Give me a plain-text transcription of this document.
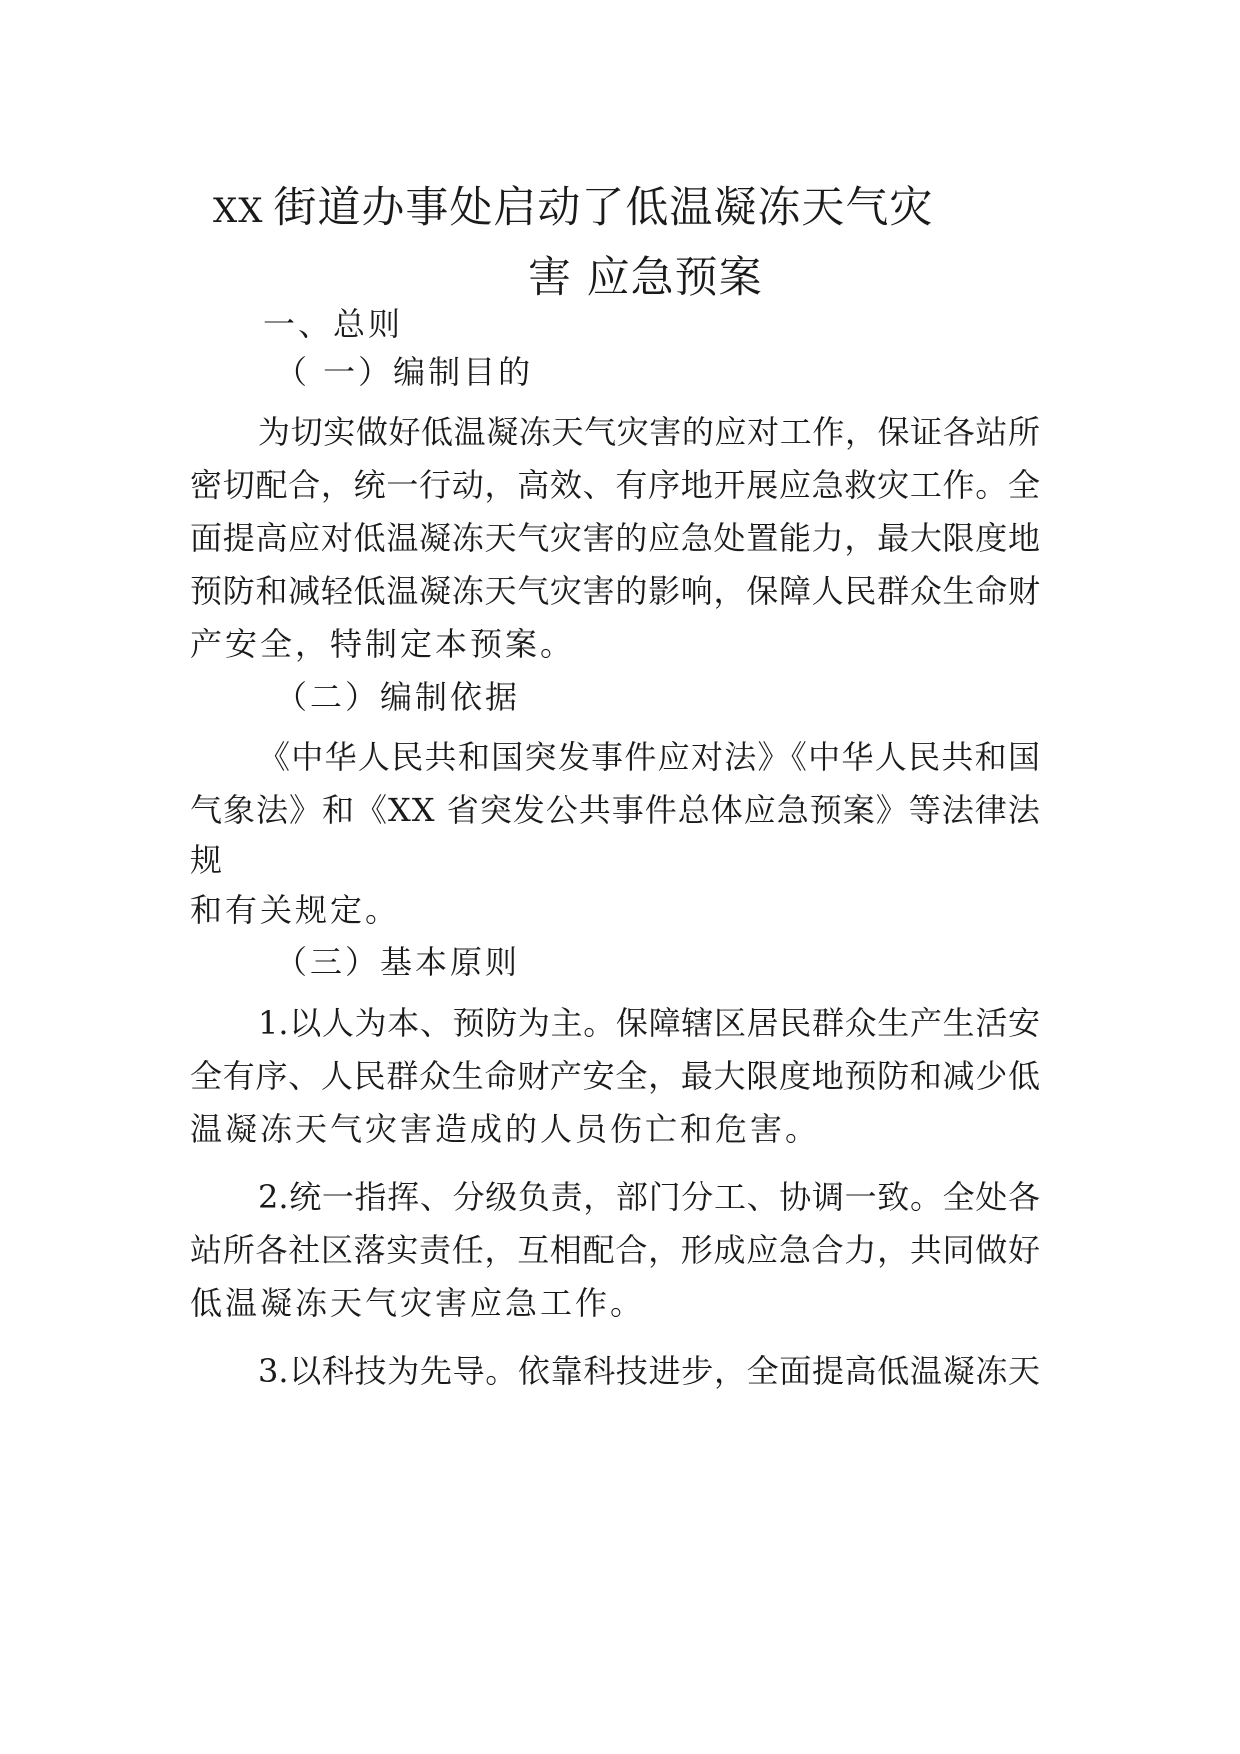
XX 街道办事处启动了低温凝冻天气灾
害 应急预案

一、总则

（ 一）编制目的

为切实做好低温凝冻天气灾害的应对工作，保证各站所

密切配合，统一行动，高效、有序地开展应急救灾工作。全

面提高应对低温凝冻天气灾害的应急处置能力，最大限度地

预防和减轻低温凝冻天气灾害的影响，保障人民群众生命财

产安全，特制定本预案。

（二）编制依据

《中华人民共和国突发事件应对法》《中华人民共和国

气象法》和《XX 省突发公共事件总体应急预案》等法律法

规

和有关规定。

（三）基本原则

1.以人为本、预防为主。保障辖区居民群众生产生活安

全有序、人民群众生命财产安全，最大限度地预防和减少低

温凝冻天气灾害造成的人员伤亡和危害。

2.统一指挥、分级负责，部门分工、协调一致。全处各

站所各社区落实责任，互相配合，形成应急合力，共同做好

低温凝冻天气灾害应急工作。

3.以科技为先导。依靠科技进步，全面提高低温凝冻天
